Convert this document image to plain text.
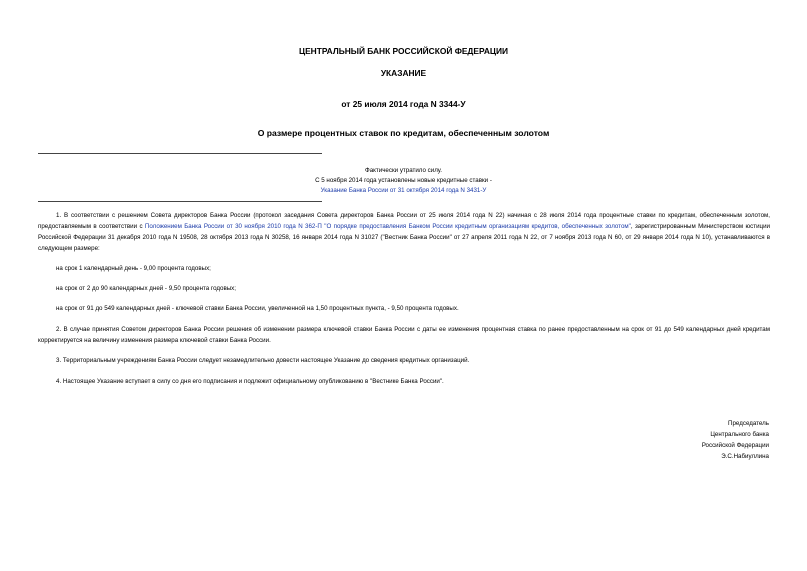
ЦЕНТРАЛЬНЫЙ БАНК РОССИЙСКОЙ ФЕДЕРАЦИИ
УКАЗАНИЕ
от 25 июля 2014 года N 3344-У
О размере процентных ставок по кредитам, обеспеченным золотом
Фактически утратило силу.
С 5 ноября 2014 года установлены новые кредитные ставки -
Указание Банка России от 31 октября 2014 года N 3431-У
1. В соответствии с решением Совета директоров Банка России (протокол заседания Совета директоров Банка России от 25 июля 2014 года N 22) начиная с 28 июля 2014 года процентные ставки по кредитам, обеспеченным золотом, предоставляемым в соответствии с Положением Банка России от 30 ноября 2010 года N 362-П "О порядке предоставления Банком России кредитным организациям кредитов, обеспеченных золотом", зарегистрированным Министерством юстиции Российской Федерации 31 декабря 2010 года N 19508, 28 октября 2013 года N 30258, 16 января 2014 года N 31027 ("Вестник Банка России" от 27 апреля 2011 года N 22, от 7 ноября 2013 года N 60, от 29 января 2014 года N 10), устанавливаются в следующем размере:
на срок 1 календарный день - 9,00 процента годовых;
на срок от 2 до 90 календарных дней - 9,50 процента годовых;
на срок от 91 до 549 календарных дней - ключевой ставки Банка России, увеличенной на 1,50 процентных пункта, - 9,50 процента годовых.
2. В случае принятия Советом директоров Банка России решения об изменении размера ключевой ставки Банка России с даты ее изменения процентная ставка по ранее предоставленным на срок от 91 до 549 календарных дней кредитам корректируется на величину изменения размера ключевой ставки Банка России.
3. Территориальным учреждениям Банка России следует незамедлительно довести настоящее Указание до сведения кредитных организаций.
4. Настоящее Указание вступает в силу со дня его подписания и подлежит официальному опубликованию в "Вестнике Банка России".
Председатель
Центрального банка
Российской Федерации
Э.С.Набиуллина
